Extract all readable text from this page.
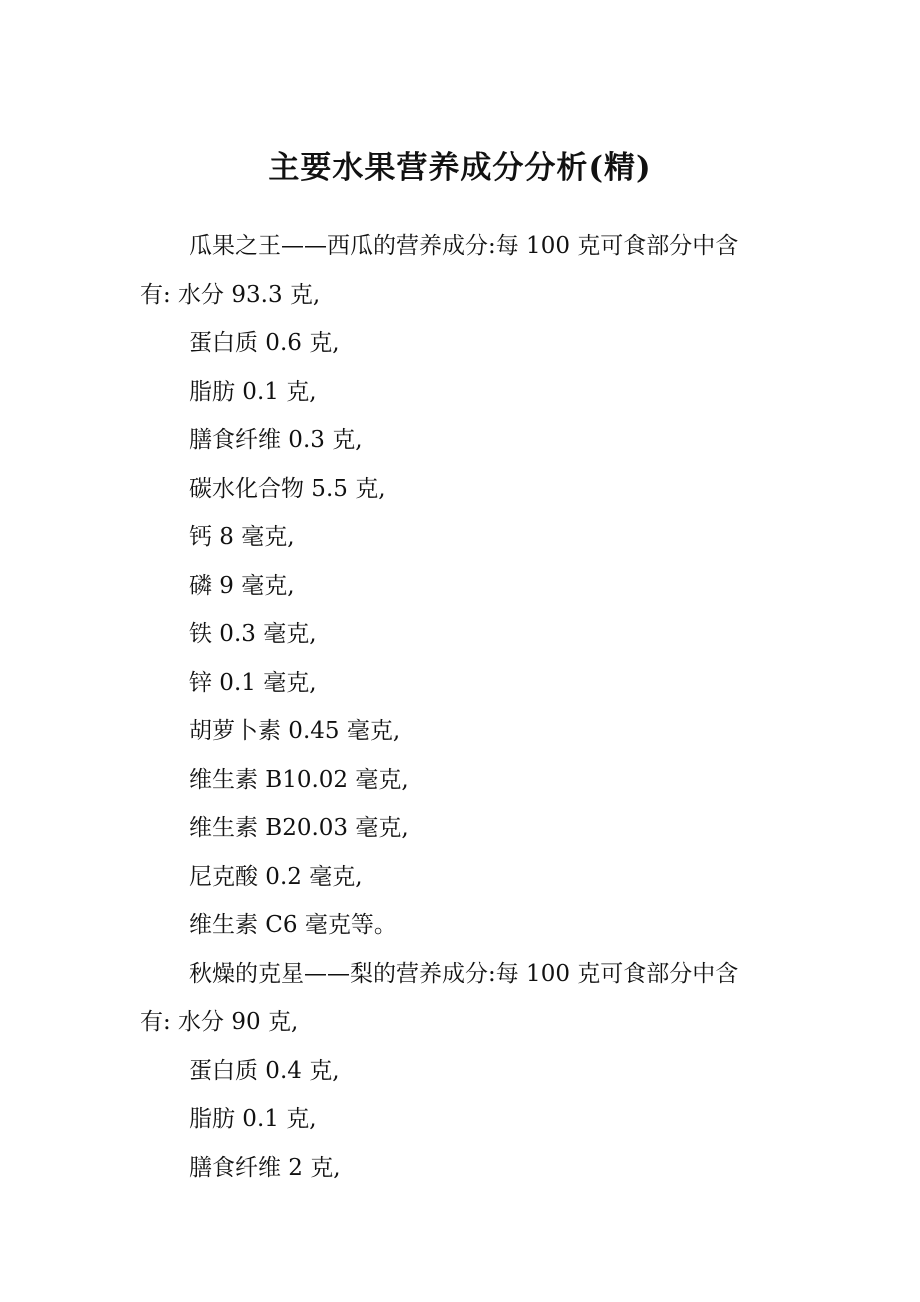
主要水果营养成分分析(精)
瓜果之王——西瓜的营养成分:每 100 克可食部分中含
有: 水分 93.3 克,
蛋白质 0.6 克,
脂肪 0.1 克,
膳食纤维 0.3 克,
碳水化合物 5.5 克,
钙 8 毫克,
磷 9 毫克,
铁 0.3 毫克,
锌 0.1 毫克,
胡萝卜素 0.45 毫克,
维生素 B10.02 毫克,
维生素 B20.03 毫克,
尼克酸 0.2 毫克,
维生素 C6 毫克等。
秋燥的克星——梨的营养成分:每 100 克可食部分中含
有: 水分 90 克,
蛋白质 0.4 克,
脂肪 0.1 克,
膳食纤维 2 克,
